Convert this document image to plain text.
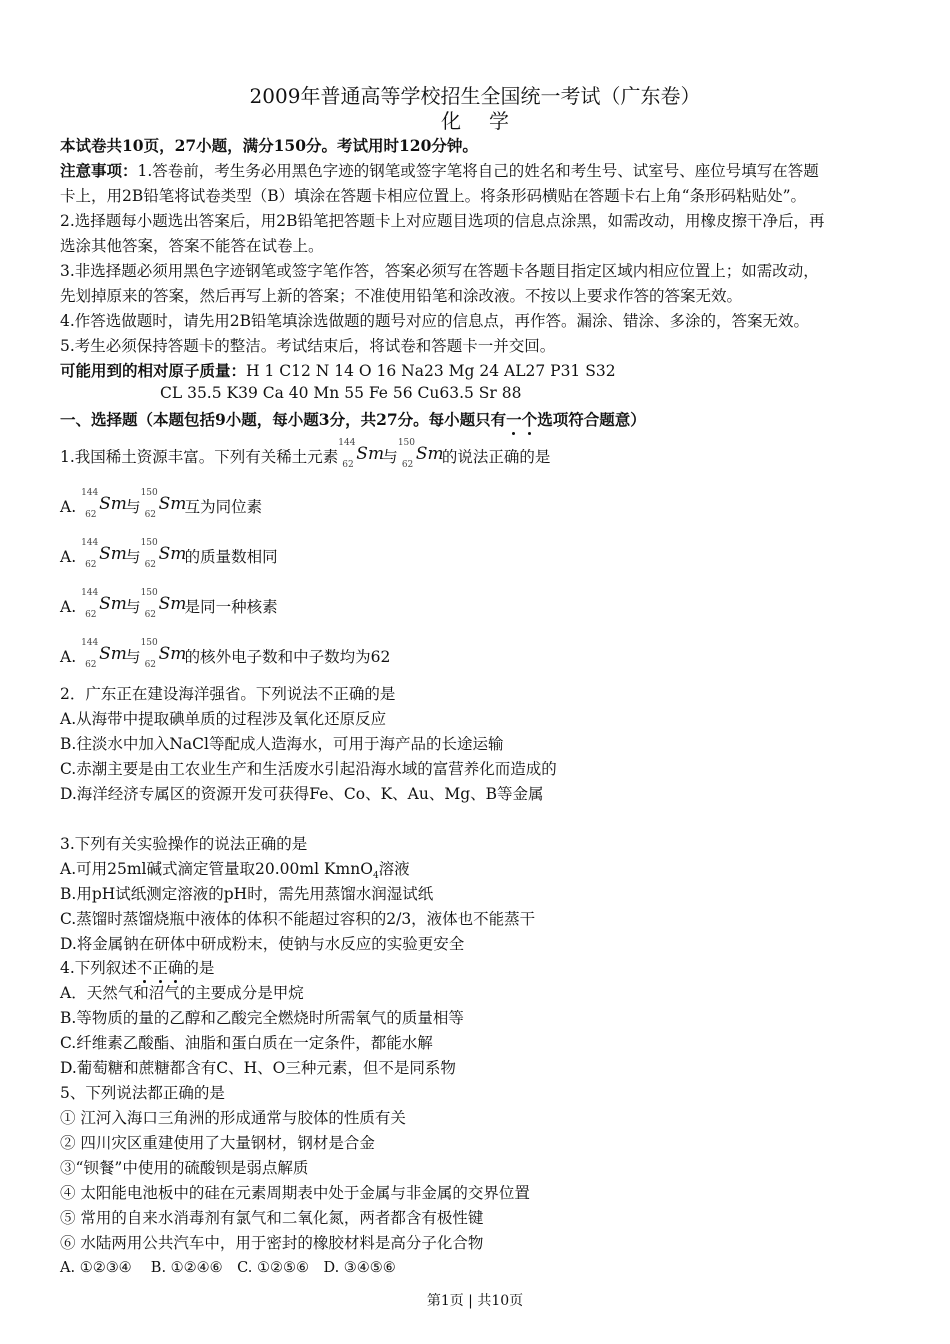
2009年普通高等学校招生全国统一考试（广东卷）
化学
本试卷共10页，27小题，满分150分。考试用时120分钟。
注意事项：1.答卷前，考生务必用黑色字迹的钢笔或签字笔将自己的姓名和考生号、试室号、座位号填写在答题
卡上，用2B铅笔将试卷类型（B）填涂在答题卡相应位置上。将条形码横贴在答题卡右上角“条形码粘贴处”。
2.选择题每小题选出答案后，用2B铅笔把答题卡上对应题目选项的信息点涂黑，如需改动，用橡皮擦干净后，再
选涂其他答案，答案不能答在试卷上。
3.非选择题必须用黑色字迹钢笔或签字笔作答，答案必须写在答题卡各题目指定区域内相应位置上；如需改动，
先划掉原来的答案，然后再写上新的答案；不准使用铅笔和涂改液。不按以上要求作答的答案无效。
4.作答选做题时，请先用2B铅笔填涂选做题的题号对应的信息点，再作答。漏涂、错涂、多涂的，答案无效。
5.考生必须保持答题卡的整洁。考试结束后，将试卷和答题卡一并交回。
可能用到的相对原子质量：H 1 C12 N 14 O 16 Na23 Mg 24 AL27 P31 S32
CL 35.5 K39 Ca 40 Mn 55 Fe 56 Cu63.5 Sr 88
一、选择题（本题包括9小题，每小题3分，共27分。每小题只有一个选项符合题意）
1.我国稀土资源丰富。下列有关稀土元素
144
62
Sm
与
150
62
Sm
的说法正确的是
A.
144
62
Sm
与
150
62
Sm
互为同位素
A.
144
62
Sm
与
150
62
Sm
的质量数相同
A.
144
62
Sm
与
150
62
Sm
是同一种核素
A.
144
62
Sm
与
150
62
Sm
的核外电子数和中子数均为62
2．广东正在建设海洋强省。下列说法不正确的是
A.从海带中提取碘单质的过程涉及氧化还原反应
B.往淡水中加入NaCl等配成人造海水，可用于海产品的长途运输
C.赤潮主要是由工农业生产和生活废水引起沿海水域的富营养化而造成的
D.海洋经济专属区的资源开发可获得Fe、Co、K、Au、Mg、B等金属
3.下列有关实验操作的说法正确的是
A.可用25ml碱式滴定管量取20.00ml KmnO$_4$溶液
B.用pH试纸测定溶液的pH时，需先用蒸馏水润湿试纸
C.蒸馏时蒸馏烧瓶中液体的体积不能超过容积的2/3，液体也不能蒸干
D.将金属钠在研体中研成粉末，使钠与水反应的实验更安全
4.下列叙述不正确的是
A．天然气和沼气的主要成分是甲烷
B.等物质的量的乙醇和乙酸完全燃烧时所需氧气的质量相等
C.纤维素乙酸酯、油脂和蛋白质在一定条件，都能水解
D.葡萄糖和蔗糖都含有C、H、O三种元素，但不是同系物
5、下列说法都正确的是
① 江河入海口三角洲的形成通常与胶体的性质有关
② 四川灾区重建使用了大量钢材，钢材是合金
③“钡餐”中使用的硫酸钡是弱点解质
④ 太阳能电池板中的硅在元素周期表中处于金属与非金属的交界位置
⑤ 常用的自来水消毒剂有氯气和二氧化氮，两者都含有极性键
⑥ 水陆两用公共汽车中，用于密封的橡胶材料是高分子化合物
A. ①②③④　 B. ①②④⑥　C. ①②⑤⑥　D. ③④⑤⑥
第1页 | 共10页
